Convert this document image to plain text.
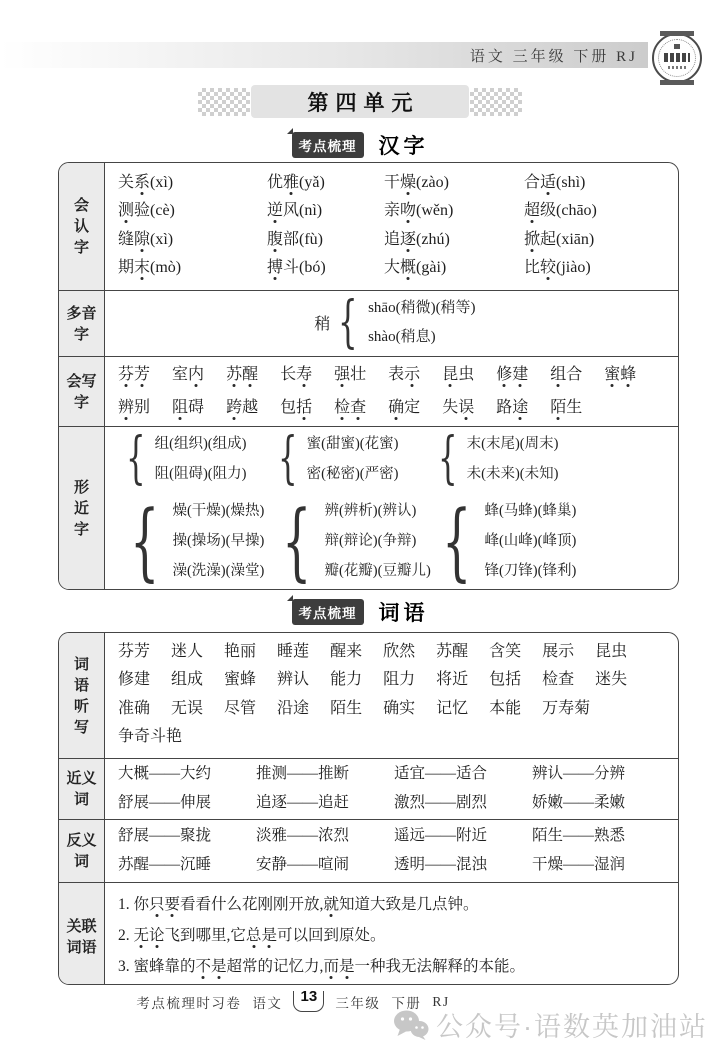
语文 三年级 下册 RJ
第四单元
考点梳理	汉字
会
认
字
关系(xì)	优雅(yǎ)	干燥(zào)	合适(shì)
测验(cè)	逆风(nì)	亲吻(wěn)	超级(chāo)
缝隙(xì)	腹部(fù)	追逐(zhú)	掀起(xiān)
期末(mò)	搏斗(bó)	大概(gài)	比较(jiào)
多音
字
稍 { shāo(稍微)(稍等)
shào(稍息)
会写
字
芬芳 室内 苏醒 长寿 强壮 表示 昆虫 修建 组合 蜜蜂
辨别 阻碍 跨越 包括 检查 确定 失误 路途 陌生
形
近
字
{ 组(组织)(组成)
阻(阻碍)(阻力)
{ 燥(干燥)(燥热)
操(操场)(早操)
澡(洗澡)(澡堂)
{ 蜜(甜蜜)(花蜜)
密(秘密)(严密)
{ 辨(辨析)(辨认)
辩(辩论)(争辩)
瓣(花瓣)(豆瓣儿)
{ 末(末尾)(周末)
未(未来)(未知)
{ 蜂(马蜂)(蜂巢)
峰(山峰)(峰顶)
锋(刀锋)(锋利)
考点梳理	词语
词
语
听
写
芬芳 迷人 艳丽 睡莲 醒来 欣然 苏醒 含笑 展示 昆虫
修建 组成 蜜蜂 辨认 能力 阻力 将近 包括 检查 迷失
准确 无误 尽管 沿途 陌生 确实 记忆 本能 万寿菊
争奇斗艳
近义
词
大概——大约	推测——推断	适宜——适合	辨认——分辨
舒展——伸展	追逐——追赶	激烈——剧烈	娇嫩——柔嫩
反义
词
舒展——聚拢	淡雅——浓烈	遥远——附近	陌生——熟悉
苏醒——沉睡	安静——喧闹	透明——混浊	干燥——湿润
关联
词语
1. 你只要看看什么花刚刚开放,就知道大致是几点钟。
2. 无论飞到哪里,它总是可以回到原处。
3. 蜜蜂靠的不是超常的记忆力,而是一种我无法解释的本能。
考点梳理时习卷 语文 13 三年级 下册 RJ
公众号·语数英加油站
